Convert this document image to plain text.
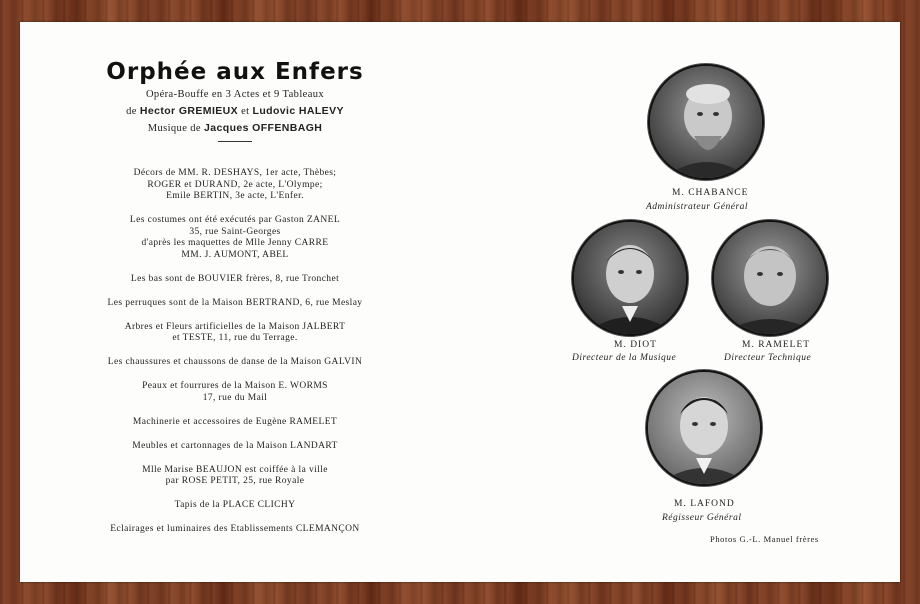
Orphée aux Enfers
Opéra-Bouffe en 3 Actes et 9 Tableaux
de Hector GREMIEUX et Ludovic HALEVY
Musique de Jacques OFFENBAGH
Décors de MM. R. DESHAYS, 1er acte, Thèbes;
ROGER et DURAND, 2e acte, L'Olympe;
Emile BERTIN, 3e acte, L'Enfer.
Les costumes ont été exécutés par Gaston ZANEL
35, rue Saint-Georges
d'après les maquettes de Mlle Jenny CARRE
MM. J. AUMONT, ABEL
Les bas sont de BOUVIER frères, 8, rue Tronchet
Les perruques sont de la Maison BERTRAND, 6, rue Meslay
Arbres et Fleurs artificielles de la Maison JALBERT
et TESTE, 11, rue du Terrage.
Les chaussures et chaussons de danse de la Maison GALVIN
Peaux et fourrures de la Maison E. WORMS
17, rue du Mail
Machinerie et accessoires de Eugène RAMELET
Meubles et cartonnages de la Maison LANDART
Mlle Marise BEAUJON est coiffée à la ville
par ROSE PETIT, 25, rue Royale
Tapis de la PLACE CLICHY
Eclairages et luminaires des Etablissements CLEMANÇON
M. CHABANCE
Administrateur Général
M. DIOT
Directeur de la Musique
M. RAMELET
Directeur Technique
M. LAFOND
Régisseur Général
Photos G.-L. Manuel frères
